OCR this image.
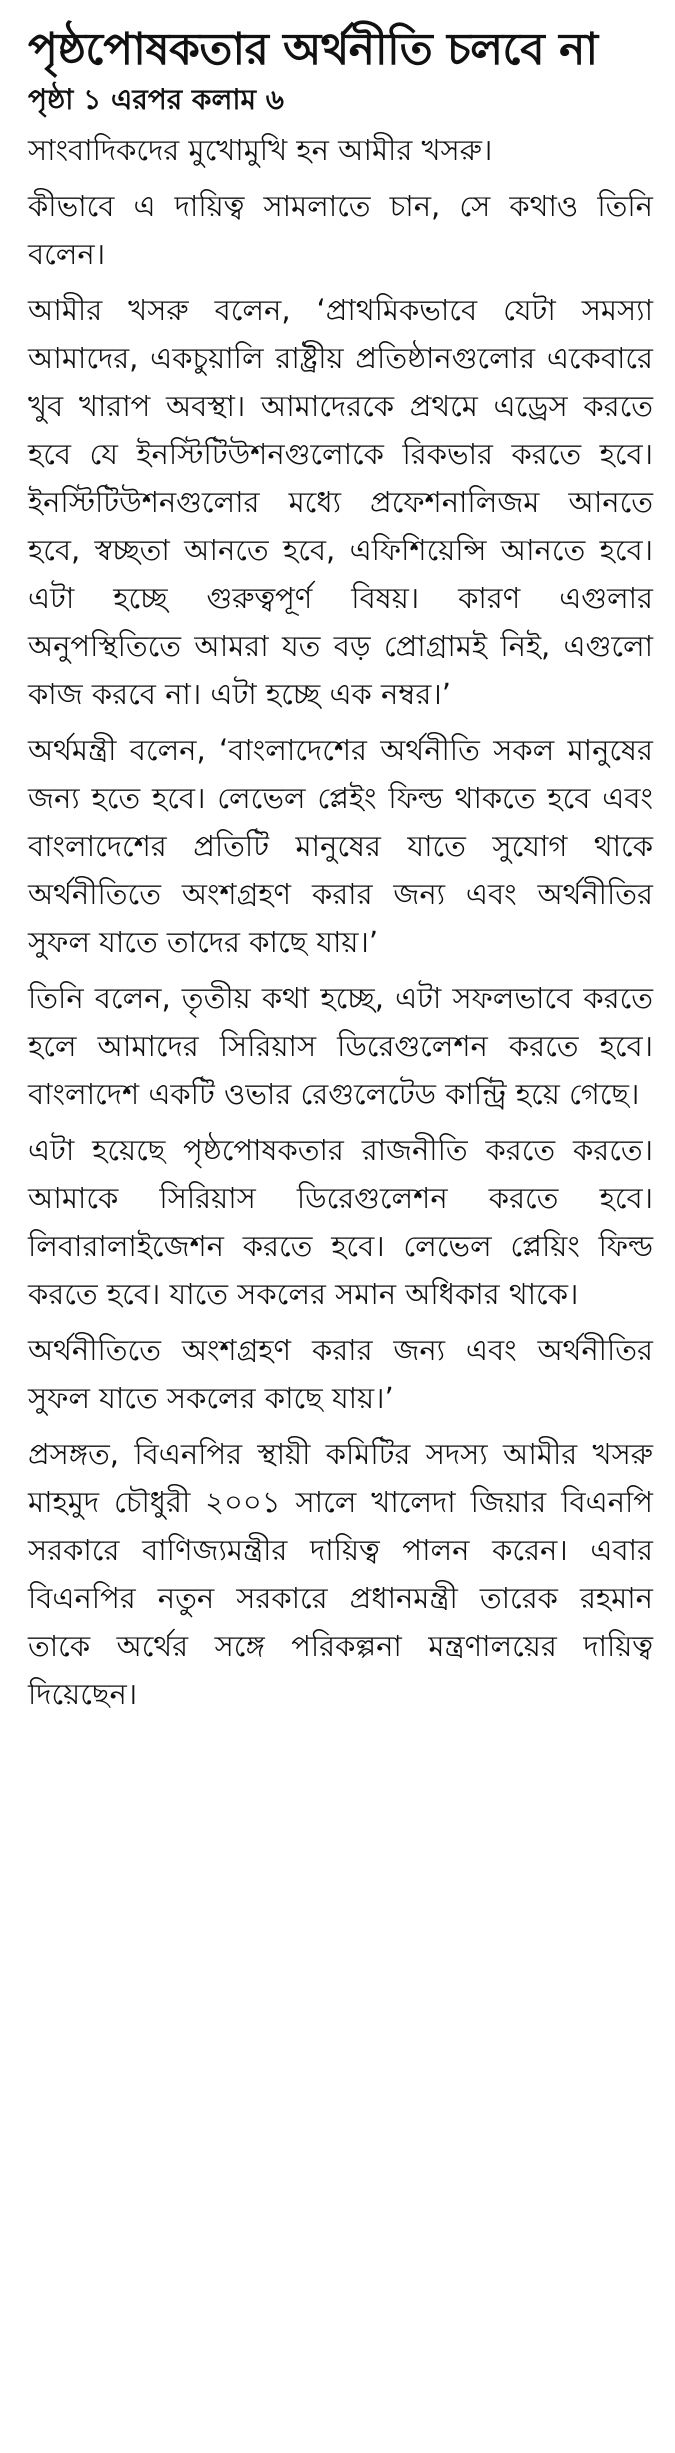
পৃষ্ঠপোষকতার অর্থনীতি চলবে না
পৃষ্ঠা ১ এরপর কলাম ৬

সাংবাদিকদের মুখোমুখি হন আমীর খসরু।

কীভাবে এ দায়িত্ব সামলাতে চান, সে কথাও তিনি বলেন।

আমীর খসরু বলেন, ‘প্রাথমিকভাবে যেটা সমস্যা আমাদের, একচুয়ালি রাষ্ট্রীয় প্রতিষ্ঠানগুলোর একেবারে খুব খারাপ অবস্থা। আমাদেরকে প্রথমে এড্রেস করতে হবে যে ইনস্টিটিউশনগুলোকে রিকভার করতে হবে। ইনস্টিটিউশনগুলোর মধ্যে প্রফেশনালিজম আনতে হবে, স্বচ্ছতা আনতে হবে, এফিশিয়েন্সি আনতে হবে। এটা হচ্ছে গুরুত্বপূর্ণ বিষয়। কারণ এগুলার অনুপস্থিতিতে আমরা যত বড় প্রোগ্রামই নিই, এগুলো কাজ করবে না। এটা হচ্ছে এক নম্বর।’

অর্থমন্ত্রী বলেন, ‘বাংলাদেশের অর্থনীতি সকল মানুষের জন্য হতে হবে। লেভেল প্লেইং ফিল্ড থাকতে হবে এবং বাংলাদেশের প্রতিটি মানুষের যাতে সুযোগ থাকে অর্থনীতিতে অংশগ্রহণ করার জন্য এবং অর্থনীতির সুফল যাতে তাদের কাছে যায়।’

তিনি বলেন, তৃতীয় কথা হচ্ছে, এটা সফলভাবে করতে হলে আমাদের সিরিয়াস ডিরেগুলেশন করতে হবে। বাংলাদেশ একটি ওভার রেগুলেটেড কান্ট্রি হয়ে গেছে।

এটা হয়েছে পৃষ্ঠপোষকতার রাজনীতি করতে করতে। আমাকে সিরিয়াস ডিরেগুলেশন করতে হবে। লিবারালাইজেশন করতে হবে। লেভেল প্লেয়িং ফিল্ড করতে হবে। যাতে সকলের সমান অধিকার থাকে।

অর্থনীতিতে অংশগ্রহণ করার জন্য এবং অর্থনীতির সুফল যাতে সকলের কাছে যায়।’

প্রসঙ্গত, বিএনপির স্থায়ী কমিটির সদস্য আমীর খসরু মাহমুদ চৌধুরী ২০০১ সালে খালেদা জিয়ার বিএনপি সরকারে বাণিজ্যমন্ত্রীর দায়িত্ব পালন করেন। এবার বিএনপির নতুন সরকারে প্রধানমন্ত্রী তারেক রহমান তাকে অর্থের সঙ্গে পরিকল্পনা মন্ত্রণালয়ের দায়িত্ব দিয়েছেন।
